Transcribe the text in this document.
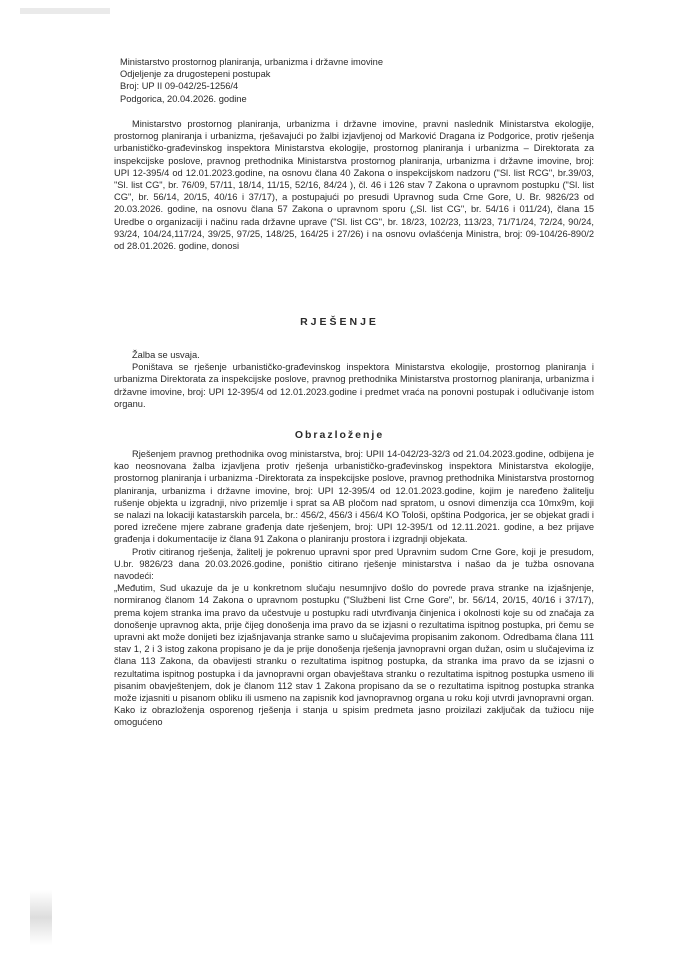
Ministarstvo prostornog planiranja, urbanizma i državne imovine
Odjeljenje za drugostepeni postupak
Broj: UP II 09-042/25-1256/4
Podgorica, 20.04.2026. godine

Ministarstvo prostornog planiranja, urbanizma i državne imovine, pravni naslednik Ministarstva ekologije, prostornog planiranja i urbanizma, rješavajući po žalbi izjavljenoj od Marković Dragana iz Podgorice, protiv rješenja urbanističko-građevinskog inspektora Ministarstva ekologije, prostornog planiranja i urbanizma – Direktorata za inspekcijske poslove, pravnog prethodnika Ministarstva prostornog planiranja, urbanizma i državne imovine, broj: UPI 12-395/4 od 12.01.2023.godine, na osnovu člana 40 Zakona o inspekcijskom nadzoru ("Sl. list RCG", br.39/03, "Sl. list CG", br. 76/09, 57/11, 18/14, 11/15, 52/16, 84/24 ), čl. 46 i 126 stav 7 Zakona o upravnom postupku ("Sl. list CG", br. 56/14, 20/15, 40/16 i 37/17), a postupajući po presudi Upravnog suda Crne Gore, U. Br. 9826/23 od 20.03.2026. godine, na osnovu člana 57 Zakona o upravnom sporu („Sl. list CG", br. 54/16 i 011/24), člana 15 Uredbe o organizaciji i načinu rada državne uprave ("Sl. list CG", br. 18/23, 102/23, 113/23, 71/71/24, 72/24, 90/24, 93/24, 104/24,117/24, 39/25, 97/25, 148/25, 164/25 i 27/26) i na osnovu ovlašćenja Ministra, broj: 09-104/26-890/2 od 28.01.2026. godine, donosi

RJEŠENJE

Žalba se usvaja.

Poništava se rješenje urbanističko-građevinskog inspektora Ministarstva ekologije, prostornog planiranja i urbanizma Direktorata za inspekcijske poslove, pravnog prethodnika Ministarstva prostornog planiranja, urbanizma i državne imovine, broj: UPI 12-395/4 od 12.01.2023.godine i predmet vraća na ponovni postupak i odlučivanje istom organu.

Obrazloženje

Rješenjem pravnog prethodnika ovog ministarstva, broj: UPII 14-042/23-32/3 od 21.04.2023.godine, odbijena je kao neosnovana žalba izjavljena protiv rješenja urbanističko-građevinskog inspektora Ministarstva ekologije, prostornog planiranja i urbanizma -Direktorata za inspekcijske poslove, pravnog prethodnika Ministarstva prostornog planiranja, urbanizma i državne imovine, broj: UPI 12-395/4 od 12.01.2023.godine, kojim je naređeno žalitelju rušenje objekta u izgradnji, nivo prizemlje i sprat sa AB pločom nad spratom, u osnovi dimenzija cca 10mx9m, koji se nalazi na lokaciji katastarskih parcela, br.: 456/2, 456/3 i 456/4 KO Tološi, opština Podgorica, jer se objekat gradi i pored izrečene mjere zabrane građenja date rješenjem, broj: UPI 12-395/1 od 12.11.2021. godine, a bez prijave građenja i dokumentacije iz člana 91 Zakona o planiranju prostora i izgradnji objekata.

Protiv citiranog rješenja, žalitelj je pokrenuo upravni spor pred Upravnim sudom Crne Gore, koji je presudom, U.br. 9826/23 dana 20.03.2026.godine, poništio citirano rješenje ministarstva i našao da je tužba osnovana navodeći:

„Međutim, Sud ukazuje da je u konkretnom slučaju nesumnjivo došlo do povrede prava stranke na izjašnjenje, normiranog članom 14 Zakona o upravnom postupku ("Službeni list Crne Gore", br. 56/14, 20/15, 40/16 i 37/17), prema kojem stranka ima pravo da učestvuje u postupku radi utvrđivanja činjenica i okolnosti koje su od značaja za donošenje upravnog akta, prije čijeg donošenja ima pravo da se izjasni o rezultatima ispitnog postupka, pri čemu se upravni akt može donijeti bez izjašnjavanja stranke samo u slučajevima propisanim zakonom. Odredbama člana 111 stav 1, 2 i 3 istog zakona propisano je da je prije donošenja rješenja javnopravni organ dužan, osim u slučajevima iz člana 113 Zakona, da obavijesti stranku o rezultatima ispitnog postupka, da stranka ima pravo da se izjasni o rezultatima ispitnog postupka i da javnopravni organ obavještava stranku o rezultatima ispitnog postupka usmeno ili pisanim obavještenjem, dok je članom 112 stav 1 Zakona propisano da se o rezultatima ispitnog postupka stranka može izjasniti u pisanom obliku ili usmeno na zapisnik kod javnopravnog organa u roku koji utvrdi javnopravni organ. Kako iz obrazloženja osporenog rješenja i stanja u spisim predmeta jasno proizilazi zaključak da tužiocu nije omogućeno
